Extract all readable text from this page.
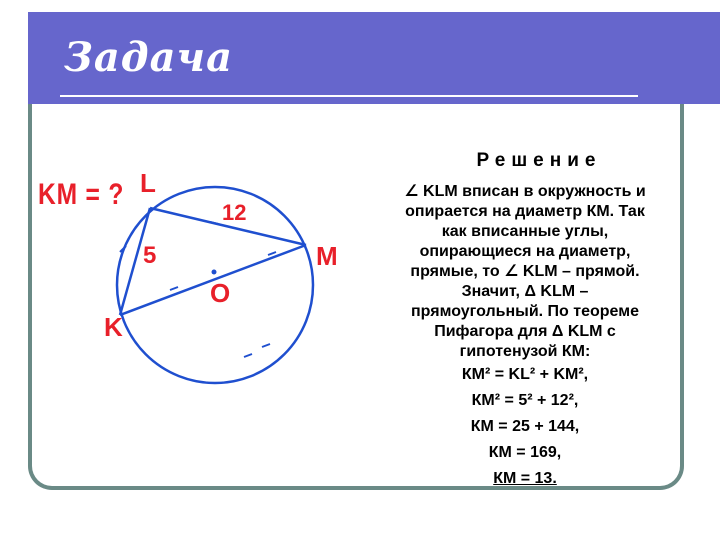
Задача
KM = ? L
M
K
O
12
5
Решение
∠ KLM вписан в окружность и
опирается на диаметр КМ. Так
как вписанные углы,
опирающиеся на диаметр,
прямые, то ∠ KLM – прямой.
Значит, Δ KLM –
прямоугольный. По теореме
Пифагора для Δ KLM с
гипотенузой КМ:
КМ² = KL² + KM²,
КМ² = 5² + 12²,
КМ = 25 + 144,
КМ = 169,
КМ = 13.
